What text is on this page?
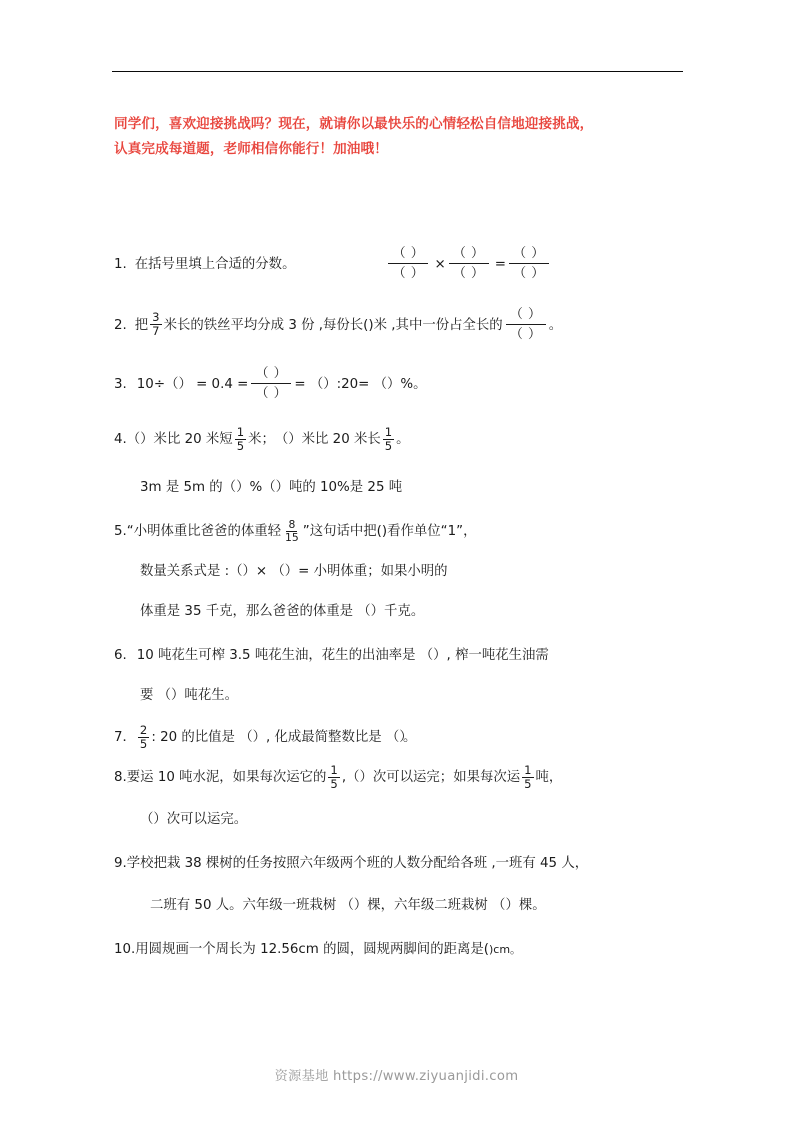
同学们，喜欢迎接挑战吗？现在，就请你以最快乐的心情轻松自信地迎接挑战，
认真完成每道题，老师相信你能行！加油哦！
1. 在括号里填上合适的分数。	$\frac{( )}{( )} \times \frac{( )}{( )} = \frac{( )}{( )}$
2. 把 $\frac{3}{7}$ 米长的铁丝平均分成 3 份 ,每份长( )米 ,其中一份占全长的 $\frac{( )}{( )}$ 。
3. 10÷（ ） = $0.4 = \frac{( )}{( )}$ = （ ）:20= （ ）%。
4. （ ）米比 20 米短 $\frac{1}{5}$ 米； （ ）米比 20 米长 $\frac{1}{5}$ 。
3m 是 5m 的（ ）% （ ）吨的 10%是 25 吨
5. “小明体重比爸爸的体重轻 $\frac{8}{15}$ ”这句话中把( )看作单位“1”，
数量关系式是 :（ ）× （ ）= 小明体重；如果小明的
体重是 35 千克，那么爸爸的体重是 （ ）千克。
6. 10 吨花生可榨 3.5 吨花生油，花生的出油率是 （ ）, 榨一吨花生油需
要 （ ）吨花生。
7． $\frac{2}{5}$ : 20 的比值是 （ ）, 化成最简整数比是 （ ）。
8. 要运 10 吨水泥，如果每次运它的 $\frac{1}{5}$ ,（ ）次可以运完；如果每次运 $\frac{1}{5}$ 吨，
（ ）次可以运完。
9. 学校把栽 38 棵树的任务按照六年级两个班的人数分配给各班 ,一班有 45 人，
二班有 50 人。六年级一班栽树 （ ）棵，六年级二班栽树 （ ）棵。
10. 用圆规画一个周长为 12.56cm 的圆，圆规两脚间的距离是( )cm。
资源基地 https://www.ziyuanjidi.com
